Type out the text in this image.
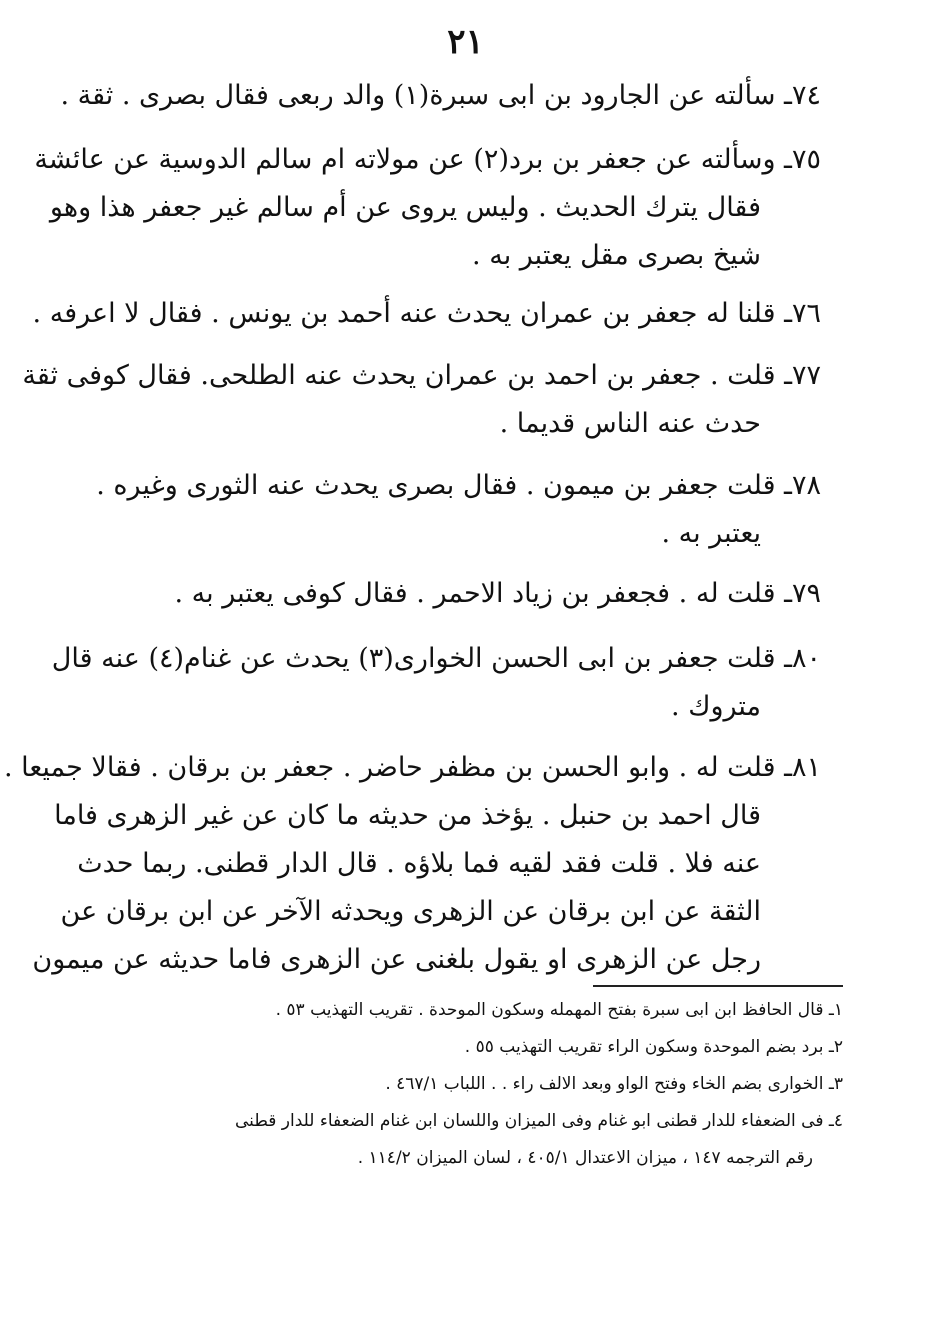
٢١
٧٤ـ سألته عن الجارود بن ابى سبرة(١) والد ربعى فقال بصرى . ثقة .
٧٥ـ وسألته عن جعفر بن برد(٢) عن مولاته ام سالم الدوسية عن عائشة
فقال يترك الحديث . وليس يروى عن أم سالم غير جعفر هذا وهو
شيخ بصرى مقل يعتبر به .
٧٦ـ قلنا له جعفر بن عمران يحدث عنه أحمد بن يونس . فقال لا اعرفه .
٧٧ـ قلت . جعفر بن احمد بن عمران يحدث عنه الطلحى. فقال كوفى ثقة
حدث عنه الناس قديما .
٧٨ـ قلت جعفر بن ميمون . فقال بصرى يحدث عنه الثورى وغيره .
يعتبر به .
٧٩ـ قلت له . فجعفر بن زياد الاحمر . فقال كوفى يعتبر به .
٨٠ـ قلت جعفر بن ابى الحسن الخوارى(٣) يحدث عن غنام(٤) عنه قال
متروك .
٨١ـ قلت له . وابو الحسن بن مظفر حاضر . جعفر بن برقان . فقالا جميعا .
قال احمد بن حنبل . يؤخذ من حديثه ما كان عن غير الزهرى فاما
عنه فلا . قلت فقد لقيه فما بلاؤه . قال الدار قطنى. ربما حدث
الثقة عن ابن برقان عن الزهرى ويحدثه الآخر عن ابن برقان عن
رجل عن الزهرى او يقول بلغنى عن الزهرى فاما حديثه عن ميمون
١ـ قال الحافظ ابن ابى سبرة بفتح المهمله وسكون الموحدة . تقريب التهذيب ٥٣ .
٢ـ برد بضم الموحدة وسكون الراء تقريب التهذيب ٥٥ .
٣ـ الخوارى بضم الخاء وفتح الواو وبعد الالف راء . . اللباب ٤٦٧/١ .
٤ـ فى الضعفاء للدار قطنى ابو غنام وفى الميزان واللسان ابن غنام الضعفاء للدار قطنى
رقم الترجمه ١٤٧ ، ميزان الاعتدال ٤٠٥/١ ، لسان الميزان ١١٤/٢ .
